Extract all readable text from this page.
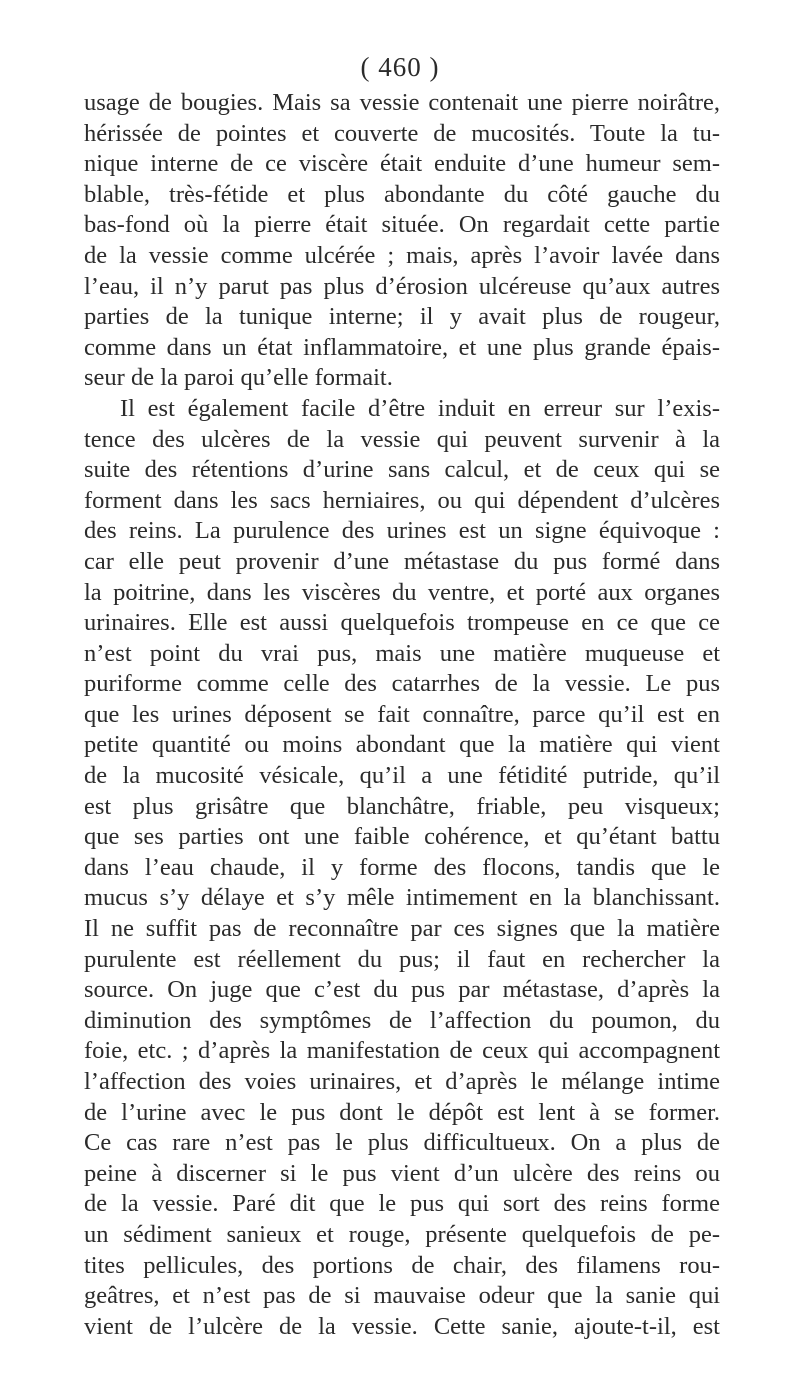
( 460 )
usage de bougies. Mais sa vessie contenait une pierre noirâtre,
hérissée de pointes et couverte de mucosités. Toute la tu-
nique interne de ce viscère était enduite d’une humeur sem-
blable, très-fétide et plus abondante du côté gauche du
bas-fond où la pierre était située. On regardait cette partie
de la vessie comme ulcérée ; mais, après l’avoir lavée dans
l’eau, il n’y parut pas plus d’érosion ulcéreuse qu’aux autres
parties de la tunique interne; il y avait plus de rougeur,
comme dans un état inflammatoire, et une plus grande épais-
seur de la paroi qu’elle formait.
Il est également facile d’être induit en erreur sur l’exis-
tence des ulcères de la vessie qui peuvent survenir à la
suite des rétentions d’urine sans calcul, et de ceux qui se
forment dans les sacs herniaires, ou qui dépendent d’ulcères
des reins. La purulence des urines est un signe équivoque :
car elle peut provenir d’une métastase du pus formé dans
la poitrine, dans les viscères du ventre, et porté aux organes
urinaires. Elle est aussi quelquefois trompeuse en ce que ce
n’est point du vrai pus, mais une matière muqueuse et
puriforme comme celle des catarrhes de la vessie. Le pus
que les urines déposent se fait connaître, parce qu’il est en
petite quantité ou moins abondant que la matière qui vient
de la mucosité vésicale, qu’il a une fétidité putride, qu’il
est plus grisâtre que blanchâtre, friable, peu visqueux;
que ses parties ont une faible cohérence, et qu’étant battu
dans l’eau chaude, il y forme des flocons, tandis que le
mucus s’y délaye et s’y mêle intimement en la blanchissant.
Il ne suffit pas de reconnaître par ces signes que la matière
purulente est réellement du pus; il faut en rechercher la
source. On juge que c’est du pus par métastase, d’après la
diminution des symptômes de l’affection du poumon, du
foie, etc. ; d’après la manifestation de ceux qui accompagnent
l’affection des voies urinaires, et d’après le mélange intime
de l’urine avec le pus dont le dépôt est lent à se former.
Ce cas rare n’est pas le plus difficultueux. On a plus de
peine à discerner si le pus vient d’un ulcère des reins ou
de la vessie. Paré dit que le pus qui sort des reins forme
un sédiment sanieux et rouge, présente quelquefois de pe-
tites pellicules, des portions de chair, des filamens rou-
geâtres, et n’est pas de si mauvaise odeur que la sanie qui
vient de l’ulcère de la vessie. Cette sanie, ajoute-t-il, est
